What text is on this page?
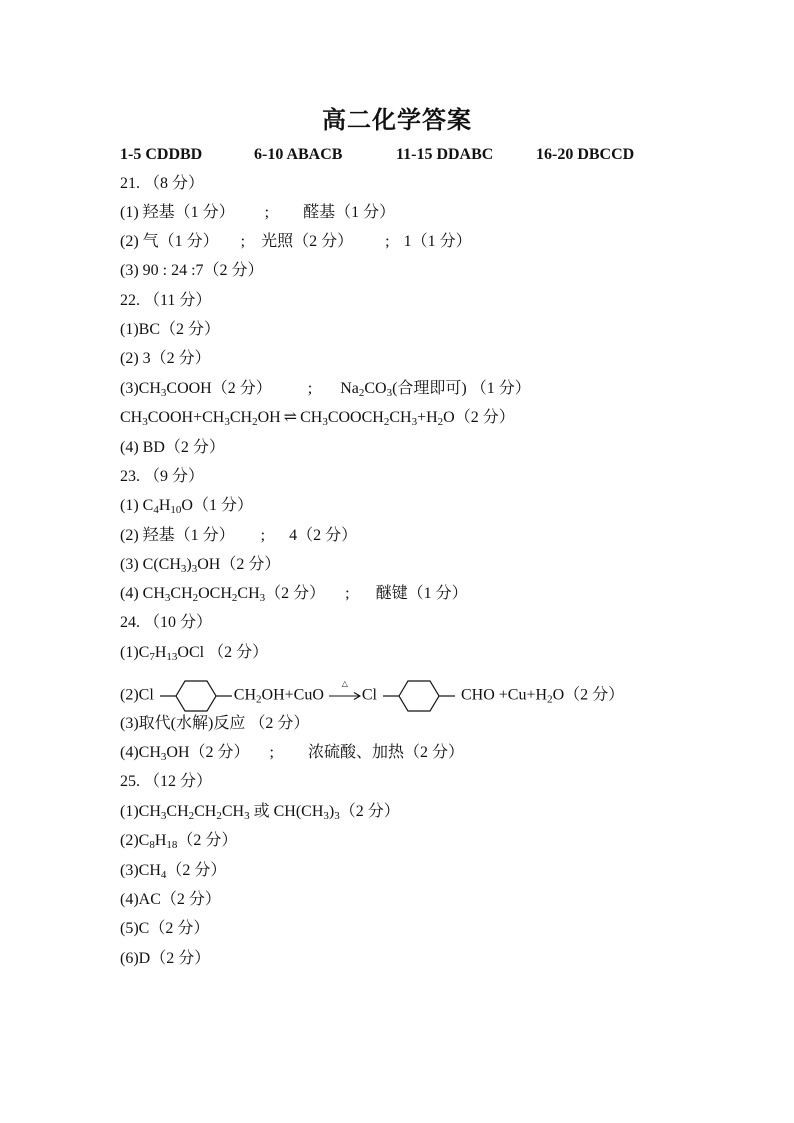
高二化学答案
1-5 CDDBD	6-10 ABACB	11-15 DDABC	16-20 DBCCD
21. （8 分）
(1) 羟基（1 分） ; 醛基（1 分）
(2) 气（1 分） ; 光照（2 分） ; 1（1 分）
(3) 90 : 24 :7（2 分）
22. （11 分）
(1)BC（2 分）
(2) 3（2 分）
$(3)CH_3COOH(2$ 分） ; $Na_2CO_3$(合理即可) （1 分）
$CH_3COOH+CH_3CH_2OH$ ⇌ $CH_3COOCH_2CH_3+H_2O(2$ 分）
(4) BD（2 分）
23. （9 分）
(1) $C_4H_{10}O(1$ 分）
(2) 羟基（1 分） ; 4（2 分）
(3) $C(CH_3)_3OH(2$ 分）
(4) $CH_3CH_2OCH_2CH_3(2$ 分） ; 醚键（1 分）
24. （10 分）
$(1)C_7H_{13}OCl$ （2 分）
(2)Cl	$CH_2OH+CuO$
△
Cl	CHO $+Cu+H_2O(2$ 分）
(3)取代(水解)反应 （2 分）
$(4)CH_3OH(2$ 分） ; 浓硫酸、加热（2 分）
25. （12 分）
$(1)CH_3CH_2CH_2CH_3$ 或 $CH(CH_3)_3(2$ 分）
$(2)C_8H_{18}(2$ 分）
$(3)CH_4(2$ 分）
(4)AC（2 分）
(5)C（2 分）
(6)D（2 分）
